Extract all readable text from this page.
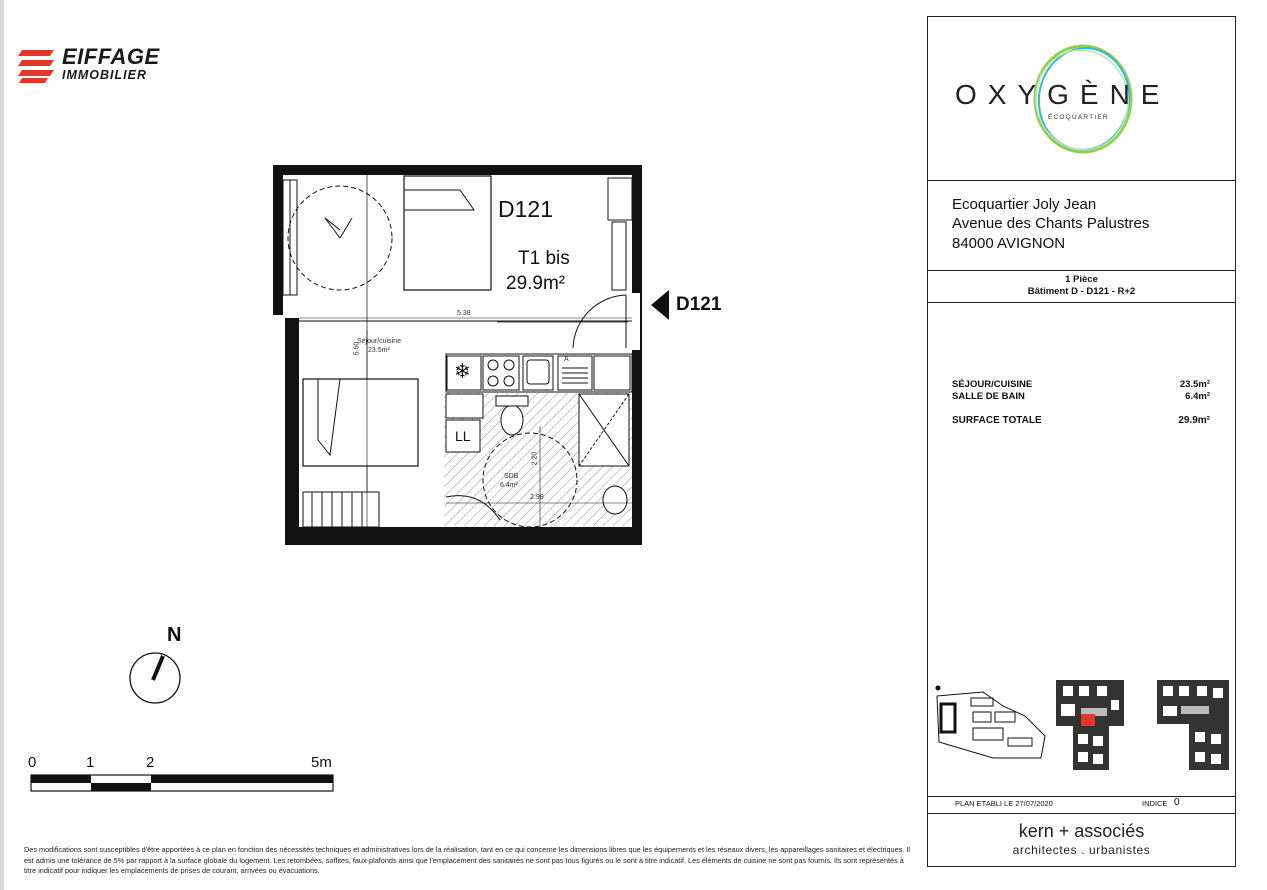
EIFFAGE
IMMOBILIER
D121
T1 bis
29.9m²
D121
5.38
5.60
Séjour/cuisine
23.5m²
SDB
6.4m²
2.20
2.99
LL
❄
A
N
0	1	2	5m
OXYGÈNE
ÉCOQUARTIER
Ecoquartier Joly Jean
Avenue des Chants Palustres
84000 AVIGNON
1 Pièce
Bâtiment D - D121 - R+2
SÉJOUR/CUISINE	23.5m²
SALLE DE BAIN	6.4m²
SURFACE TOTALE	29.9m²
PLAN ETABLI LE 27/07/2020	INDICE 0
kern + associés
architectes . urbanistes
Des modifications sont susceptibles d'être apportées à ce plan en fonction des nécessités techniques et administratives lors de la réalisation, tant en ce qui concerne les dimensions libres que les équipements et les réseaux divers, les appareillages sanitaires et électriques. Il est admis une tolérance de 5% par rapport à la surface globale du logement. Les retombées, soffites, faux-plafonds ainsi que l'emplacement des sanitaires ne sont pas tous figurés ou le sont à titre indicatif. Les éléments de cuisine ne sont pas fournis. Ils sont représentés à titre indicatif pour indiquer les emplacements de prises de courant, arrivées ou évacuations.
